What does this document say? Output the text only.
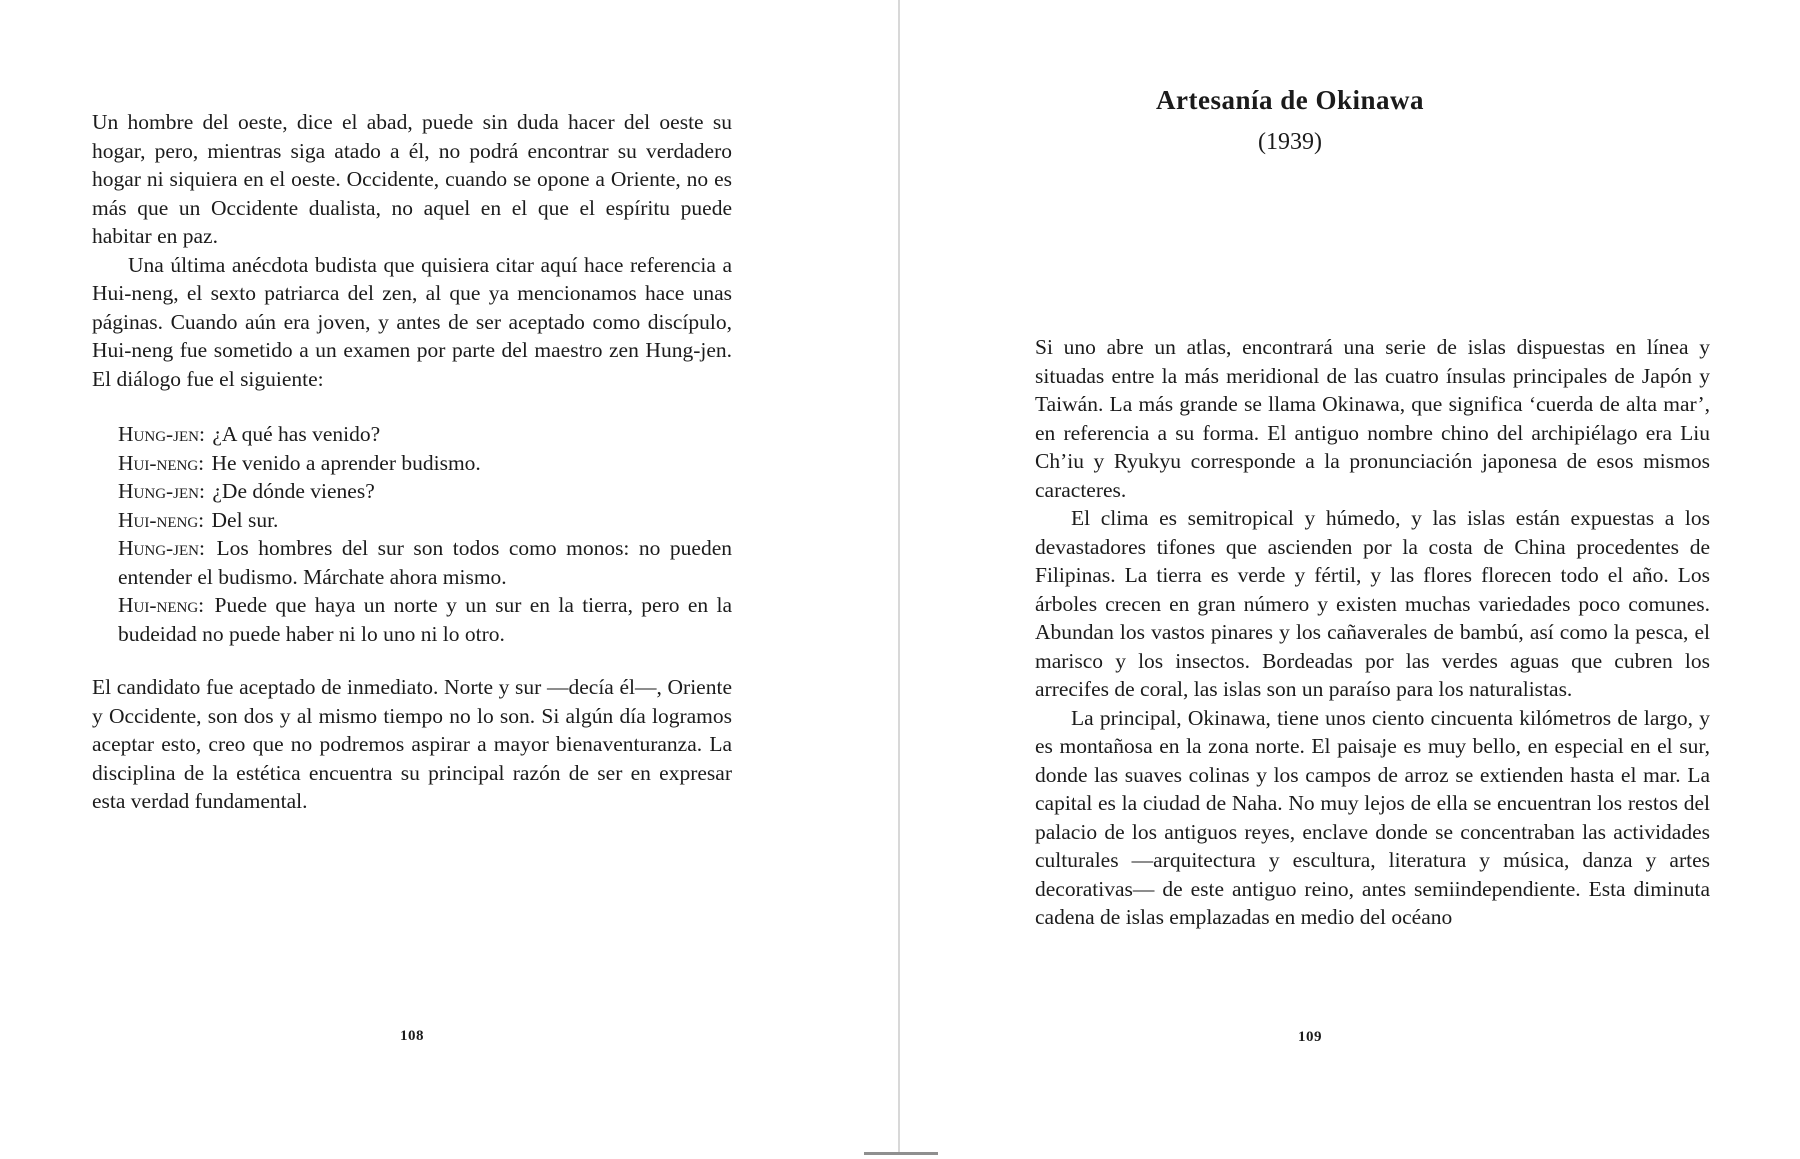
Un hombre del oeste, dice el abad, puede sin duda hacer del oeste su hogar, pero, mientras siga atado a él, no podrá encontrar su verdadero hogar ni siquiera en el oeste. Occidente, cuando se opone a Oriente, no es más que un Occidente dualista, no aquel en el que el espíritu puede habitar en paz.

Una última anécdota budista que quisiera citar aquí hace referencia a Hui-neng, el sexto patriarca del zen, al que ya mencionamos hace unas páginas. Cuando aún era joven, y antes de ser aceptado como discípulo, Hui-neng fue sometido a un examen por parte del maestro zen Hung-jen. El diálogo fue el siguiente:

Hung-jen: ¿A qué has venido?

Hui-neng: He venido a aprender budismo.

Hung-jen: ¿De dónde vienes?

Hui-neng: Del sur.

Hung-jen: Los hombres del sur son todos como monos: no pueden entender el budismo. Márchate ahora mismo.

Hui-neng: Puede que haya un norte y un sur en la tierra, pero en la budeidad no puede haber ni lo uno ni lo otro.

El candidato fue aceptado de inmediato. Norte y sur —decía él—, Oriente y Occidente, son dos y al mismo tiempo no lo son. Si algún día logramos aceptar esto, creo que no podremos aspirar a mayor bienaventuranza. La disciplina de la estética encuentra su principal razón de ser en expresar esta verdad fundamental.

108
Artesanía de Okinawa
(1939)

Si uno abre un atlas, encontrará una serie de islas dispuestas en línea y situadas entre la más meridional de las cuatro ínsulas principales de Japón y Taiwán. La más grande se llama Okinawa, que significa ‘cuerda de alta mar’, en referencia a su forma. El antiguo nombre chino del archipiélago era Liu Ch’iu y Ryukyu corresponde a la pronunciación japonesa de esos mismos caracteres.

El clima es semitropical y húmedo, y las islas están expuestas a los devastadores tifones que ascienden por la costa de China procedentes de Filipinas. La tierra es verde y fértil, y las flores florecen todo el año. Los árboles crecen en gran número y existen muchas variedades poco comunes. Abundan los vastos pinares y los cañaverales de bambú, así como la pesca, el marisco y los insectos. Bordeadas por las verdes aguas que cubren los arrecifes de coral, las islas son un paraíso para los naturalistas.

La principal, Okinawa, tiene unos ciento cincuenta kilómetros de largo, y es montañosa en la zona norte. El paisaje es muy bello, en especial en el sur, donde las suaves colinas y los campos de arroz se extienden hasta el mar. La capital es la ciudad de Naha. No muy lejos de ella se encuentran los restos del palacio de los antiguos reyes, enclave donde se concentraban las actividades culturales —arquitectura y escultura, literatura y música, danza y artes decorativas— de este antiguo reino, antes semiindependiente. Esta diminuta cadena de islas emplazadas en medio del océano

109
